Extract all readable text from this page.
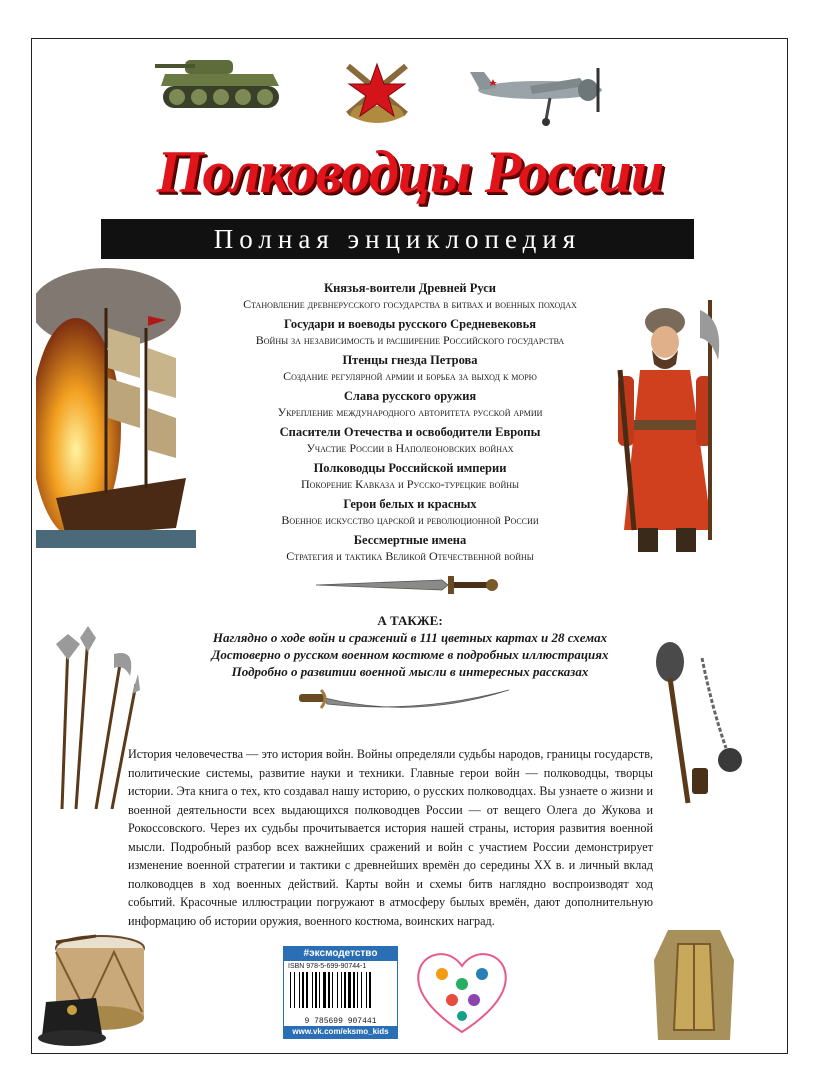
Полководцы России
Полная энциклопедия
Князья-воители Древней Руси
Становление древнерусского государства в битвах и военных походах
Государи и воеводы русского Средневековья
Войны за независимость и расширение Российского государства
Птенцы гнезда Петрова
Создание регулярной армии и борьба за выход к морю
Слава русского оружия
Укрепление международного авторитета русской армии
Спасители Отечества и освободители Европы
Участие России в Наполеоновских войнах
Полководцы Российской империи
Покорение Кавказа и Русско-турецкие войны
Герои белых и красных
Военное искусство царской и революционной России
Бессмертные имена
Стратегия и тактика Великой Отечественной войны
А ТАКЖЕ:
Наглядно о ходе войн и сражений в 111 цветных картах и 28 схемах
Достоверно о русском военном костюме в подробных иллюстрациях
Подробно о развитии военной мысли в интересных рассказах
История человечества — это история войн. Войны определяли судьбы народов, границы государств, политические системы, развитие науки и техники. Главные герои войн — полководцы, творцы истории. Эта книга о тех, кто создавал нашу историю, о русских полководцах. Вы узнаете о жизни и военной деятельности всех выдающихся полководцев России — от вещего Олега до Жукова и Рокоссовского. Через их судьбы прочитывается история нашей страны, история развития военной мысли. Подробный разбор всех важнейших сражений и войн с участием России демонстрирует изменение военной стратегии и тактики с древнейших времён до середины XX в. и личный вклад полководцев в ход военных действий. Карты войн и схемы битв наглядно воспроизводят ход событий. Красочные иллюстрации погружают в атмосферу былых времён, дают дополнительную информацию об истории оружия, военного костюма, воинских наград.
#эксмодетство
ISBN 978-5-699-90744-1
9 785699 907441
www.vk.com/eksmo_kids
